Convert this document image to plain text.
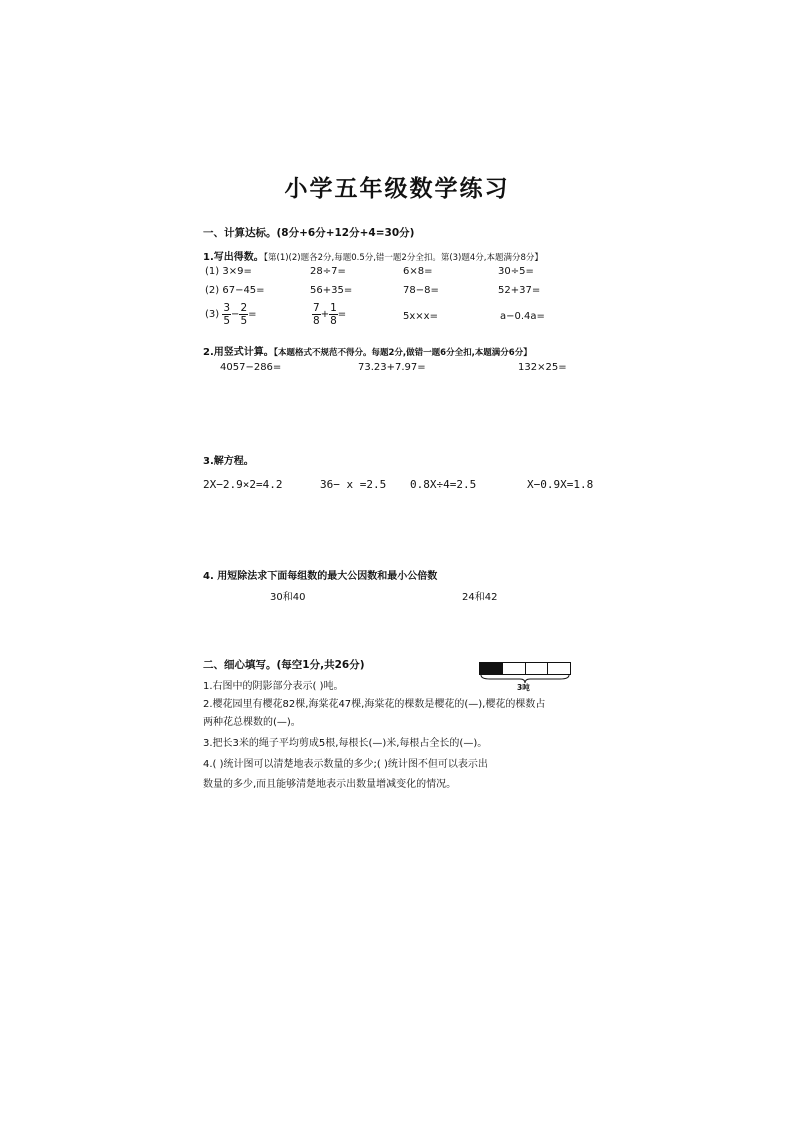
小学五年级数学练习
一、计算达标。(8分+6分+12分+4=30分)
1.写出得数。【第(1)(2)题各2分,每题0.5分,错一题2分全扣。第(3)题4分,本题满分8分】
(1) 3×9=	28÷7=	6×8=	30÷5=
(2) 67−45=	56+35=	78−8=	52+37=
$(3) \frac{3}{5} - \frac{2}{5}$ =	$\frac{7}{8} + \frac{1}{8}$ =	5x×x=	a−0.4a=
2.用竖式计算。【本题格式不规范不得分。每题2分,做错一题6分全扣,本题满分6分】
4057−286=	73.23+7.97=	132×25=
3.解方程。
2X−2.9×2=4.2	36− x =2.5 0.8X÷4=2.5	X−0.9X=1.8
4. 用短除法求下面每组数的最大公因数和最小公倍数
30和40	24和42
二、细心填写。(每空1分,共26分)
3吨
1.右图中的阴影部分表示( )吨。
2.樱花园里有樱花82棵,海棠花47棵,海棠花的棵数是樱花的(—),樱花的棵数占
两种花总棵数的(—)。
3.把长3米的绳子平均剪成5根,每根长(—)米,每根占全长的(—)。
4.( )统计图可以清楚地表示数量的多少;( )统计图不但可以表示出
数量的多少,而且能够清楚地表示出数量增减变化的情况。
